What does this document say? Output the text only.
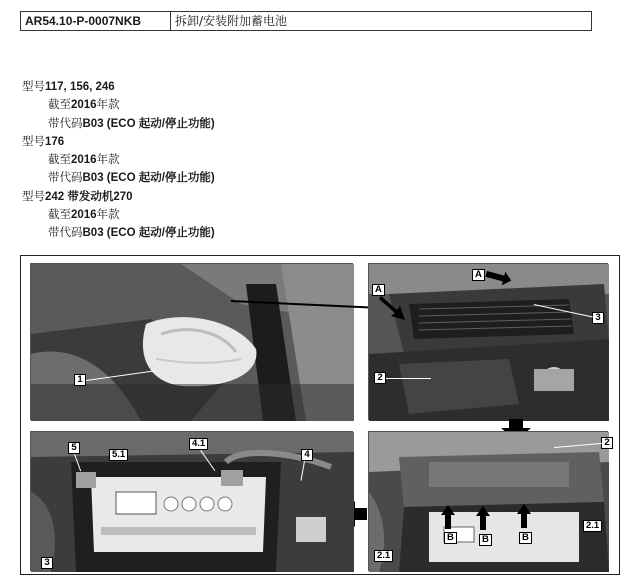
AR54.10-P-0007NKB	拆卸/安装附加蓄电池
型号117, 156, 246
截至2016年款
带代码B03 (ECO 起动/停止功能)
型号176
截至2016年款
带代码B03 (ECO 起动/停止功能)
型号242 带发动机270
截至2016年款
带代码B03 (ECO 起动/停止功能)
1
A
A
3
2
5
5.1
4.1
4
3
B	B	B
2
2.1
2.1
